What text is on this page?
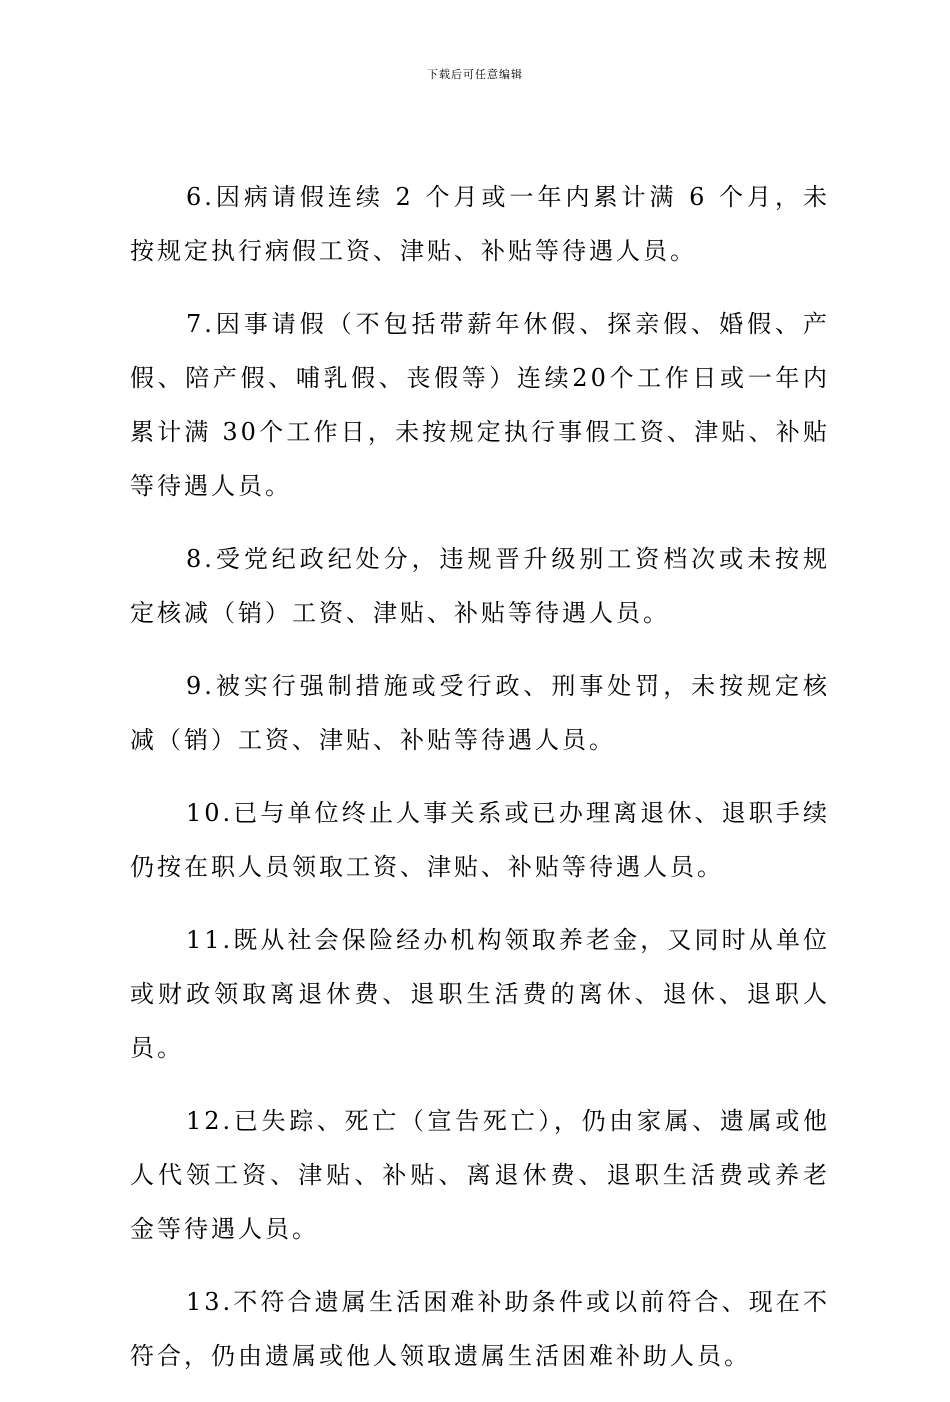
下载后可任意编辑

6.因病请假连续 2 个月或一年内累计满 6 个月，未按规定执行病假工资、津贴、补贴等待遇人员。

7.因事请假（不包括带薪年休假、探亲假、婚假、产假、陪产假、哺乳假、丧假等）连续20个工作日或一年内累计满 30个工作日，未按规定执行事假工资、津贴、补贴等待遇人员。

8.受党纪政纪处分，违规晋升级别工资档次或未按规定核减（销）工资、津贴、补贴等待遇人员。

9.被实行强制措施或受行政、刑事处罚，未按规定核减（销）工资、津贴、补贴等待遇人员。

10.已与单位终止人事关系或已办理离退休、退职手续仍按在职人员领取工资、津贴、补贴等待遇人员。

11.既从社会保险经办机构领取养老金，又同时从单位或财政领取离退休费、退职生活费的离休、退休、退职人员。

12.已失踪、死亡（宣告死亡），仍由家属、遗属或他人代领工资、津贴、补贴、离退休费、退职生活费或养老金等待遇人员。

13.不符合遗属生活困难补助条件或以前符合、现在不符合，仍由遗属或他人领取遗属生活困难补助人员。
